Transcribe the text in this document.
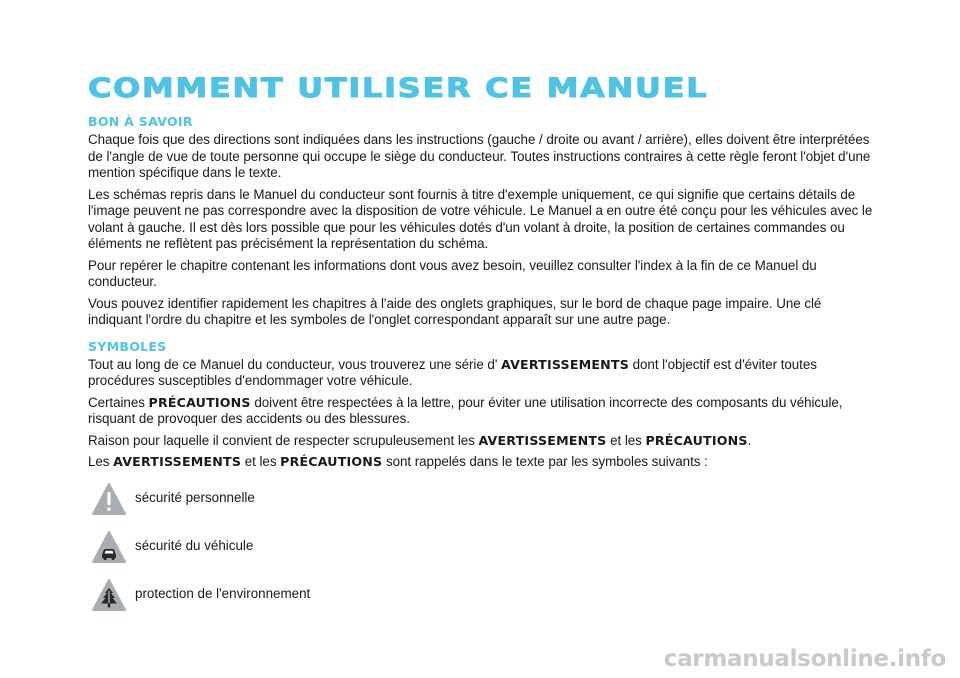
COMMENT UTILISER CE MANUEL
BON À SAVOIR

Chaque fois que des directions sont indiquées dans les instructions (gauche / droite ou avant / arrière), elles doivent être interprétées de l'angle de vue de toute personne qui occupe le siège du conducteur. Toutes instructions contraires à cette règle feront l'objet d'une mention spécifique dans le texte.

Les schémas repris dans le Manuel du conducteur sont fournis à titre d'exemple uniquement, ce qui signifie que certains détails de l'image peuvent ne pas correspondre avec la disposition de votre véhicule. Le Manuel a en outre été conçu pour les véhicules avec le volant à gauche. Il est dès lors possible que pour les véhicules dotés d'un volant à droite, la position de certaines commandes ou éléments ne reflètent pas précisément la représentation du schéma.

Pour repérer le chapitre contenant les informations dont vous avez besoin, veuillez consulter l'index à la fin de ce Manuel du conducteur.

Vous pouvez identifier rapidement les chapitres à l'aide des onglets graphiques, sur le bord de chaque page impaire. Une clé indiquant l'ordre du chapitre et les symboles de l'onglet correspondant apparaît sur une autre page.

SYMBOLES

Tout au long de ce Manuel du conducteur, vous trouverez une série d' AVERTISSEMENTS dont l'objectif est d'éviter toutes procédures susceptibles d'endommager votre véhicule.

Certaines PRÉCAUTIONS doivent être respectées à la lettre, pour éviter une utilisation incorrecte des composants du véhicule, risquant de provoquer des accidents ou des blessures.

Raison pour laquelle il convient de respecter scrupuleusement les AVERTISSEMENTS et les PRÉCAUTIONS.

Les AVERTISSEMENTS et les PRÉCAUTIONS sont rappelés dans le texte par les symboles suivants :

sécurité personnelle
sécurité du véhicule
protection de l'environnement
carmanualsonline.info
